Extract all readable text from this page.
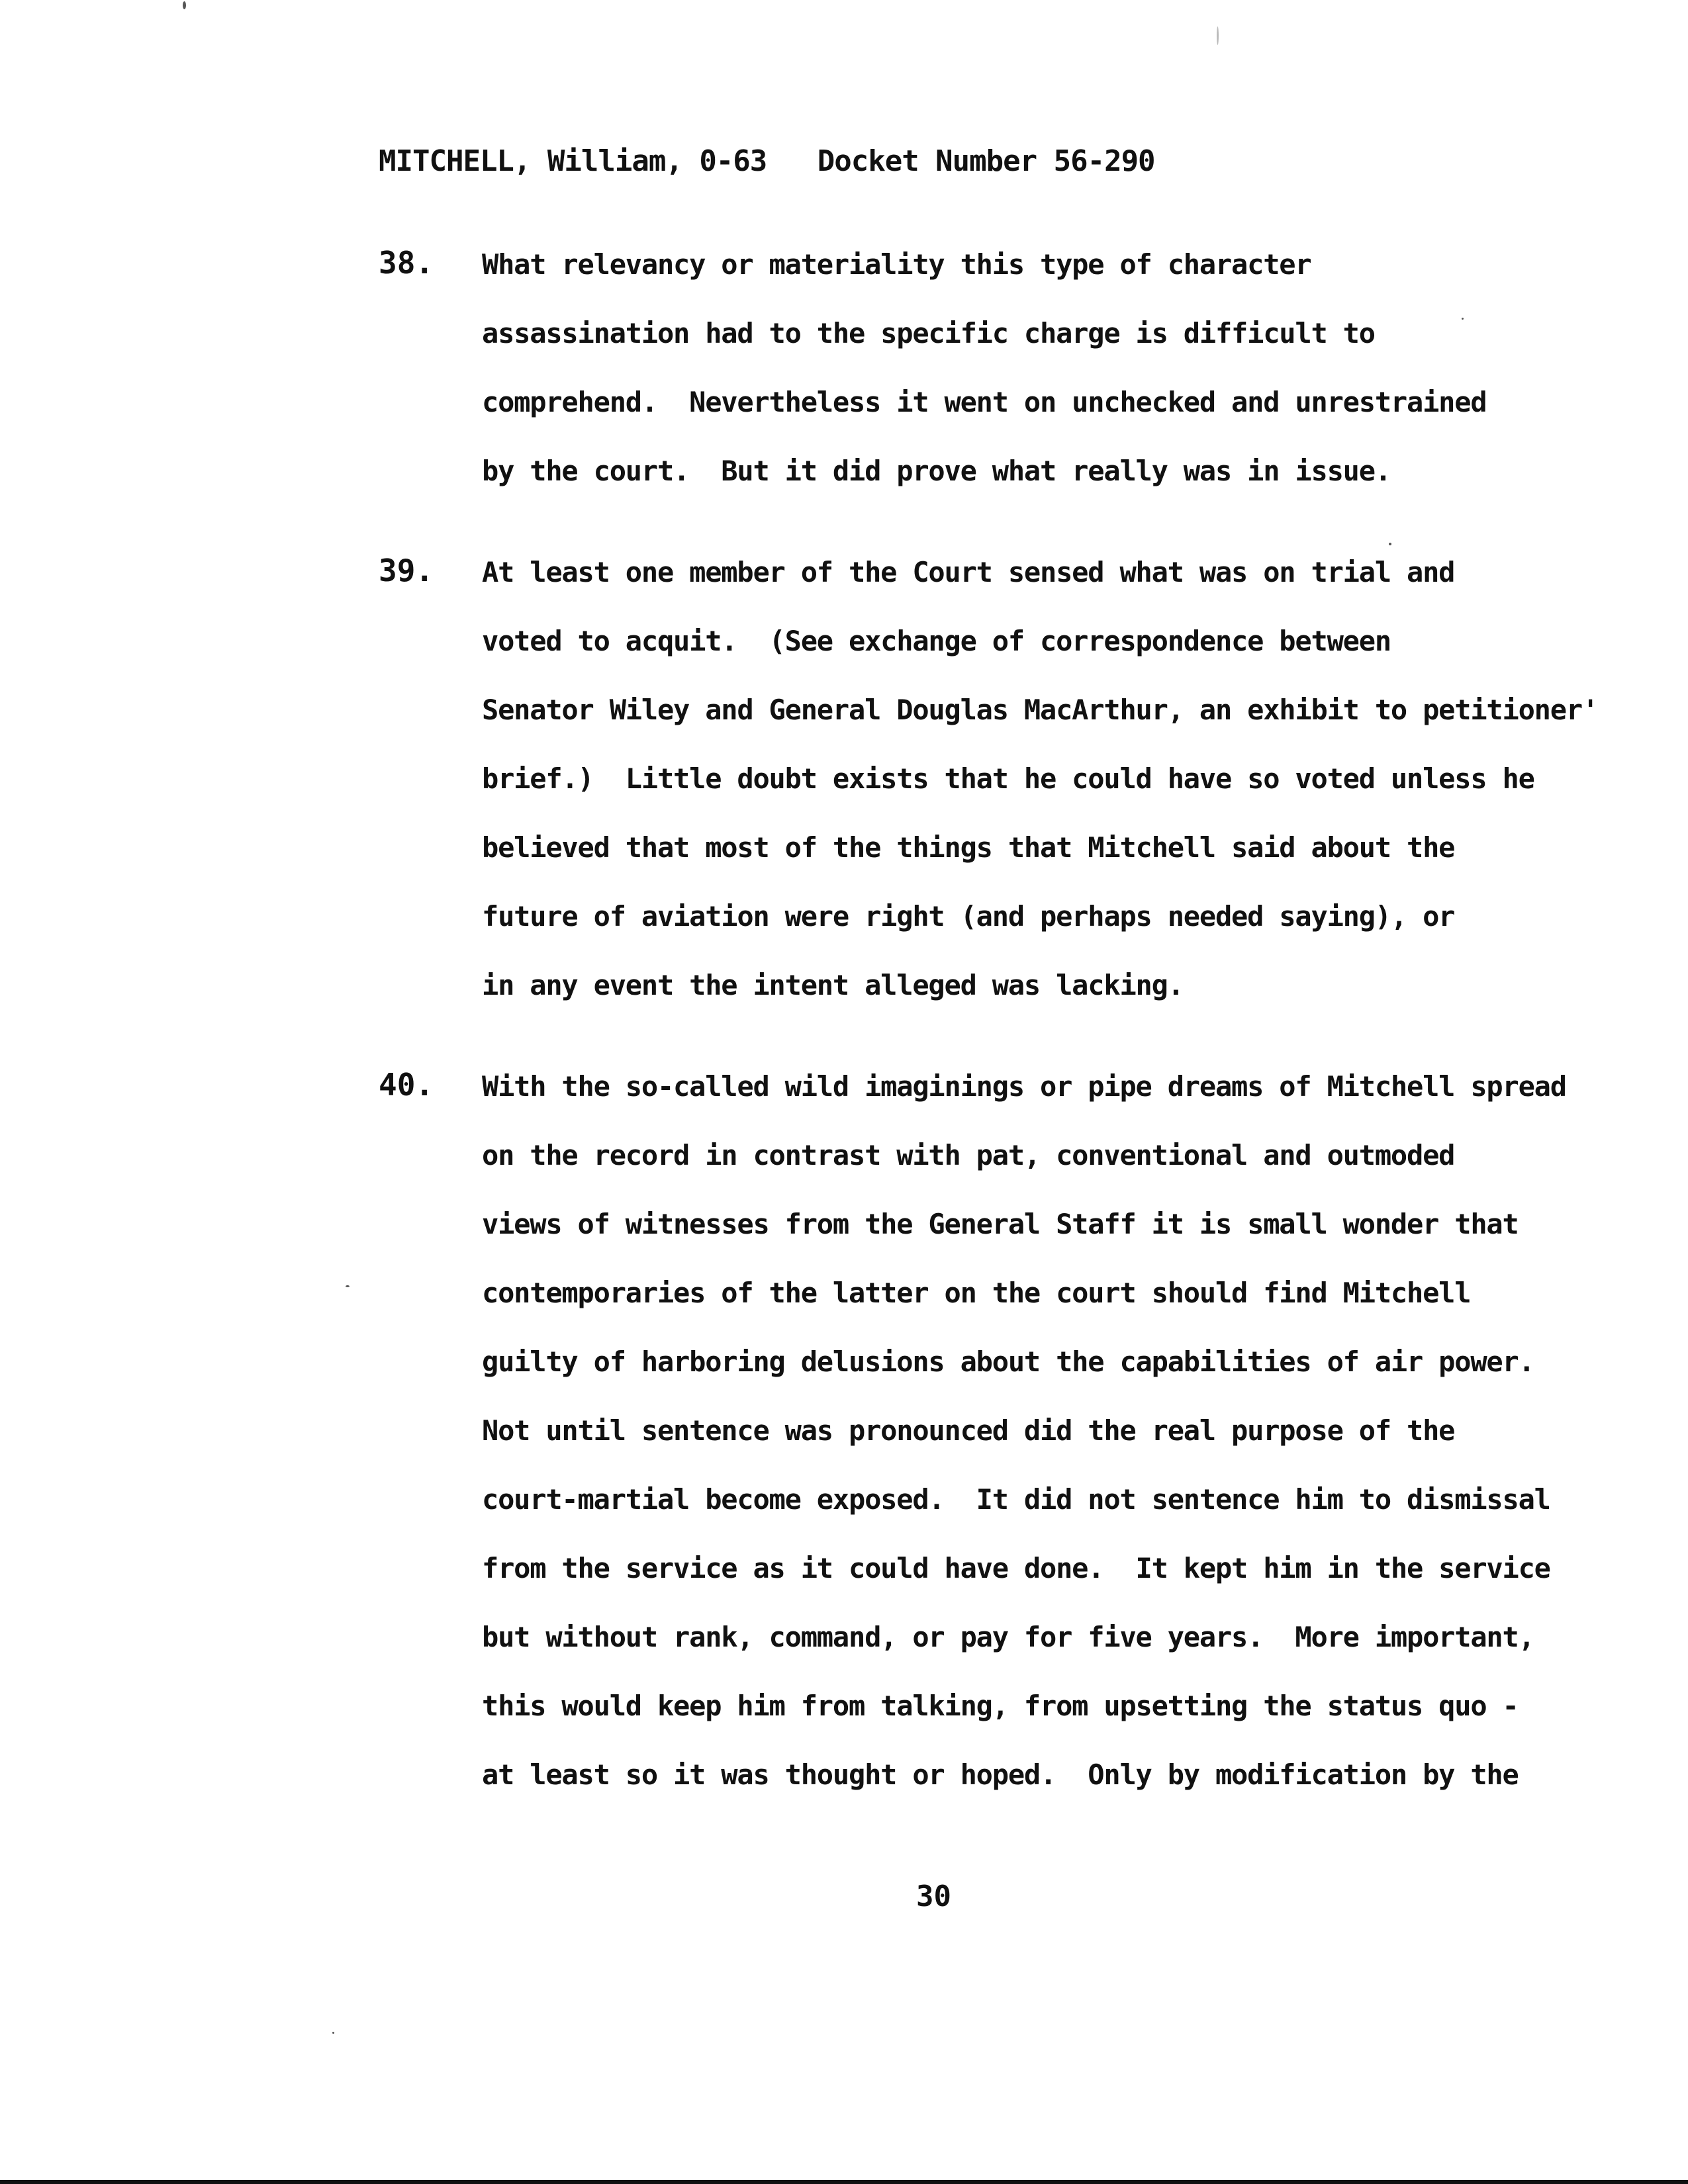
MITCHELL, William, 0-63   Docket Number 56-290
38. What relevancy or materiality this type of character
assassination had to the specific charge is difficult to
comprehend.  Nevertheless it went on unchecked and unrestrained
by the court.  But it did prove what really was in issue.
39. At least one member of the Court sensed what was on trial and
voted to acquit.  (See exchange of correspondence between
Senator Wiley and General Douglas MacArthur, an exhibit to petitioner'
brief.)  Little doubt exists that he could have so voted unless he
believed that most of the things that Mitchell said about the
future of aviation were right (and perhaps needed saying), or
in any event the intent alleged was lacking.
40. With the so-called wild imaginings or pipe dreams of Mitchell spread
on the record in contrast with pat, conventional and outmoded
views of witnesses from the General Staff it is small wonder that
contemporaries of the latter on the court should find Mitchell
guilty of harboring delusions about the capabilities of air power.
Not until sentence was pronounced did the real purpose of the
court-martial become exposed.  It did not sentence him to dismissal
from the service as it could have done.  It kept him in the service
but without rank, command, or pay for five years.  More important,
this would keep him from talking, from upsetting the status quo -
at least so it was thought or hoped.  Only by modification by the
30
